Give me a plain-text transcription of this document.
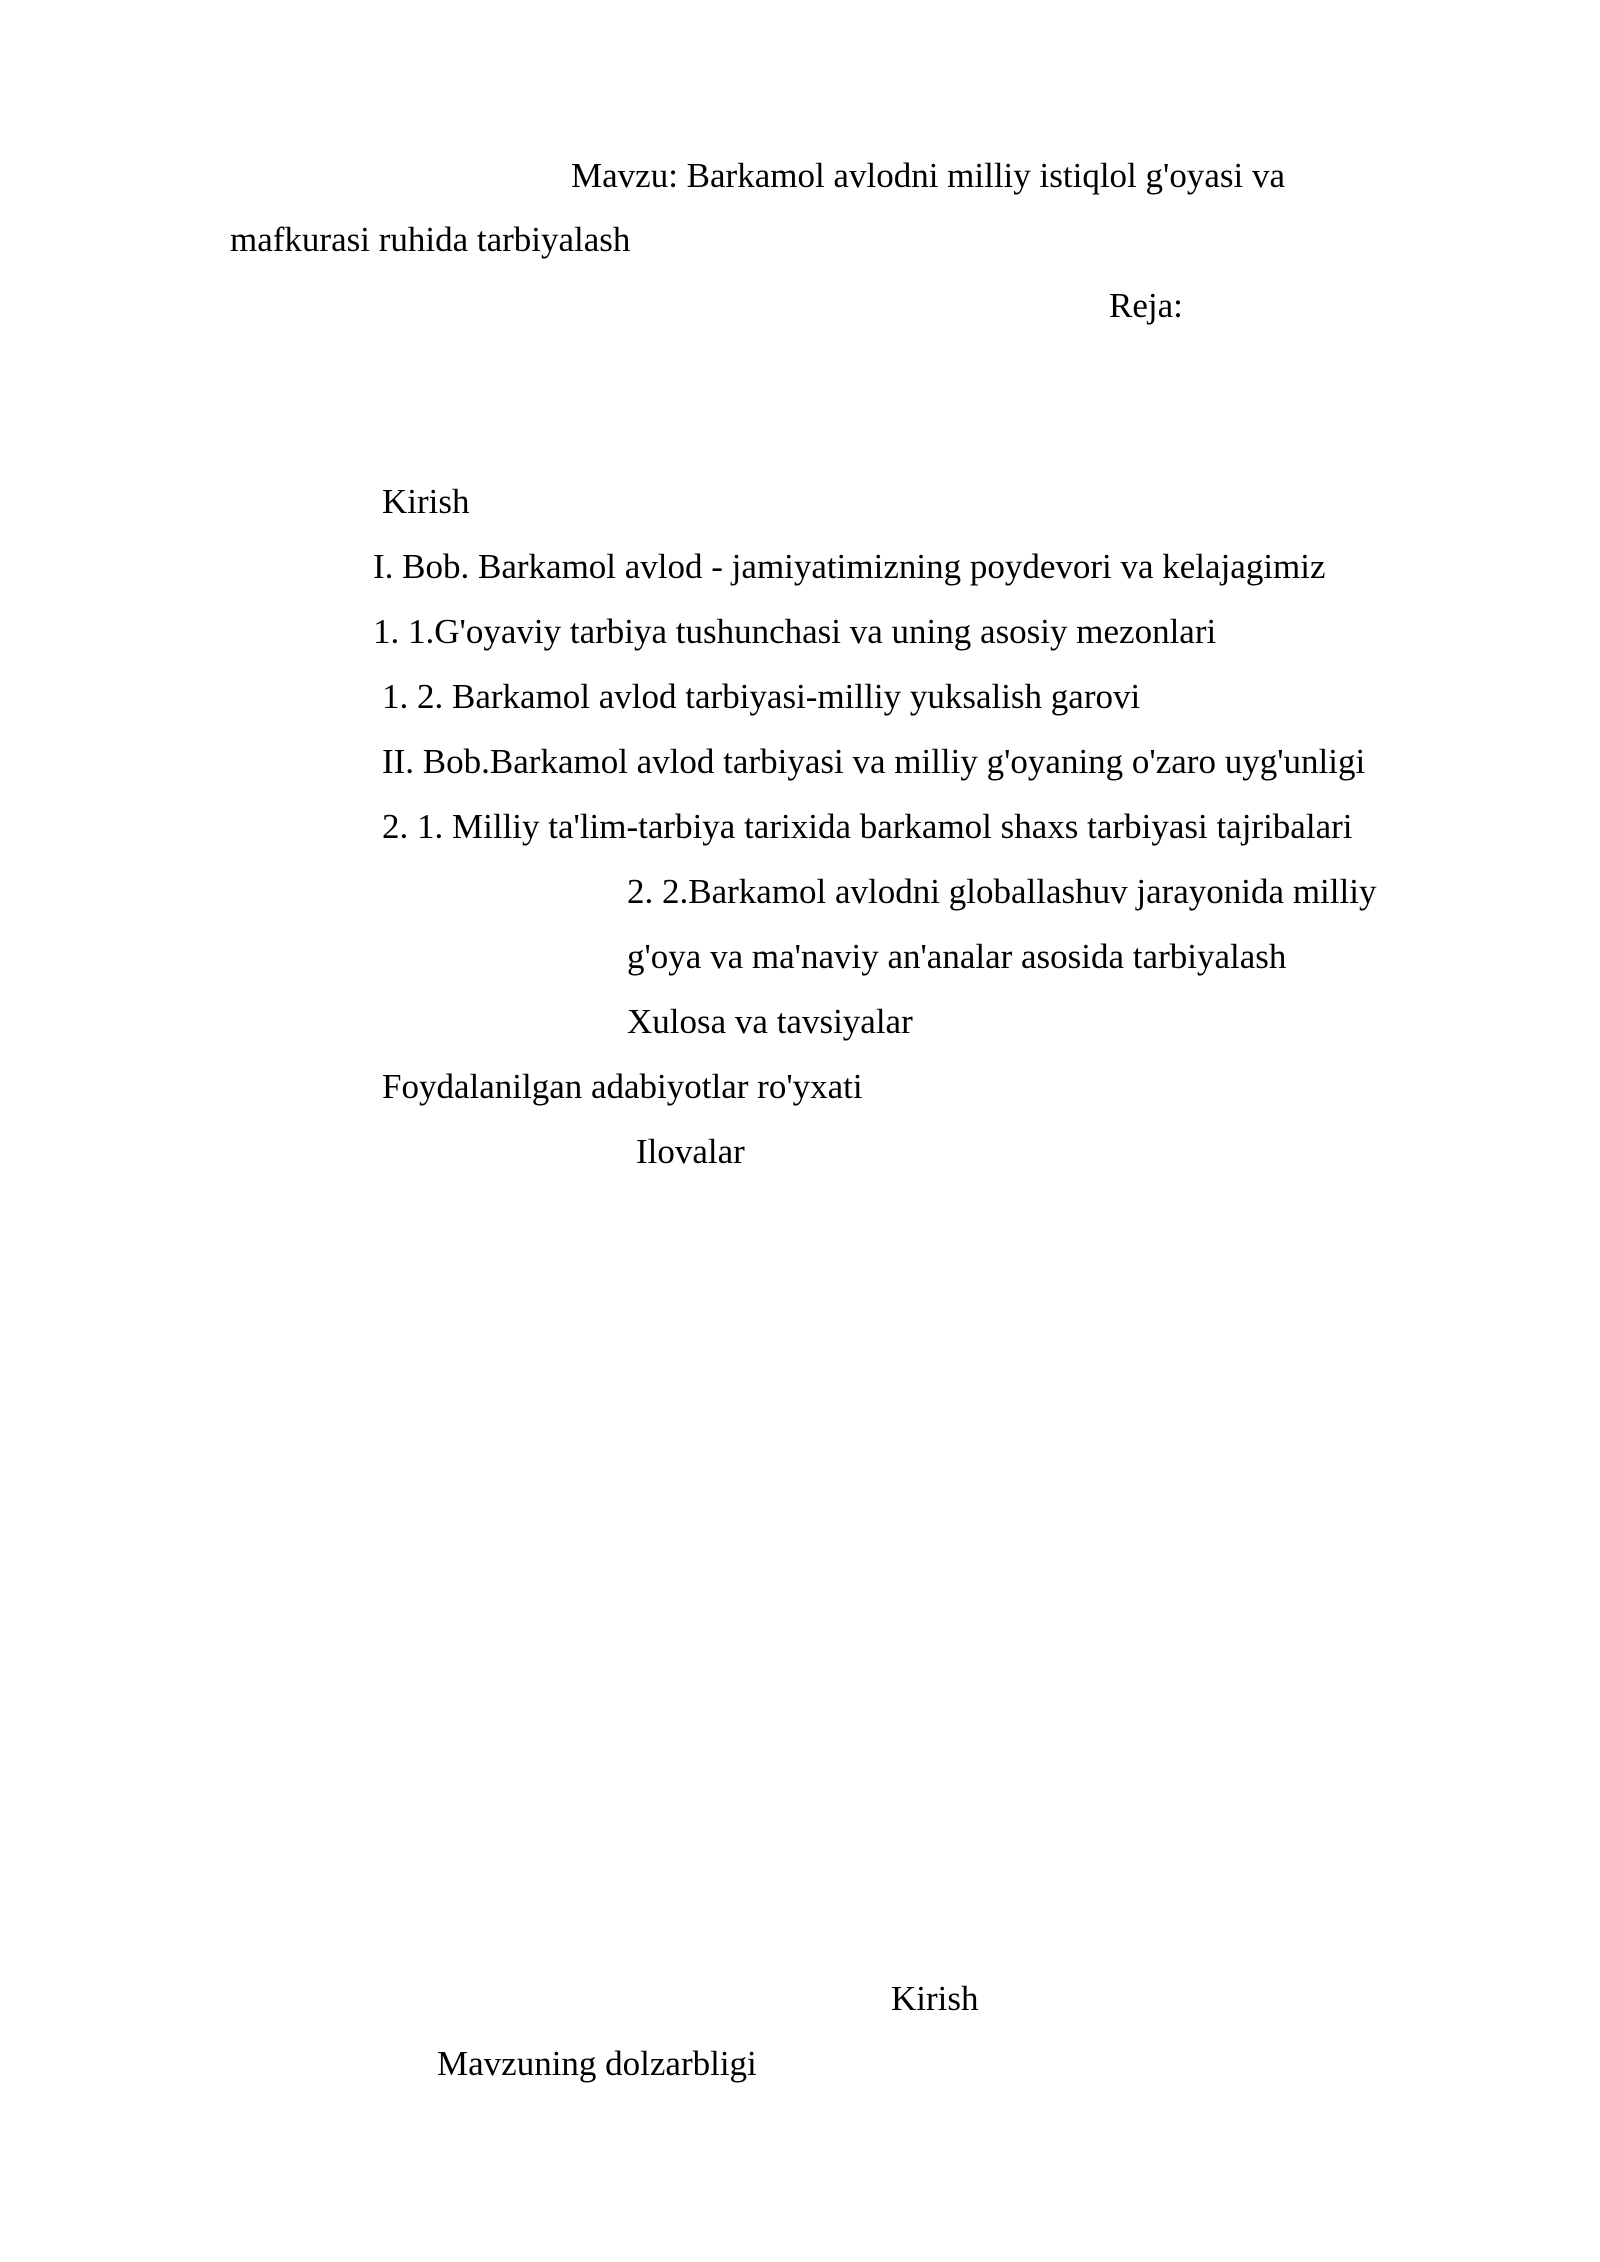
Mavzu: Barkamol avlodni milliy istiqlol g'oyasi va
mafkurasi ruhida tarbiyalash
Reja:
Kirish
I. Bob. Barkamol avlod - jamiyatimizning poydevori va kelajagimiz
1. 1.G'oyaviy tarbiya tushunchasi va uning asosiy mezonlari
1. 2. Barkamol avlod tarbiyasi-milliy yuksalish garovi
II. Bob.Barkamol avlod tarbiyasi va milliy g'oyaning o'zaro uyg'unligi
2. 1. Milliy ta'lim-tarbiya tarixida barkamol shaxs tarbiyasi tajribalari
2. 2.Barkamol avlodni globallashuv jarayonida milliy
g'oya va ma'naviy an'analar asosida tarbiyalash
Xulosa va tavsiyalar
Foydalanilgan adabiyotlar ro'yxati
Ilovalar
Kirish
Mavzuning dolzarbligi
